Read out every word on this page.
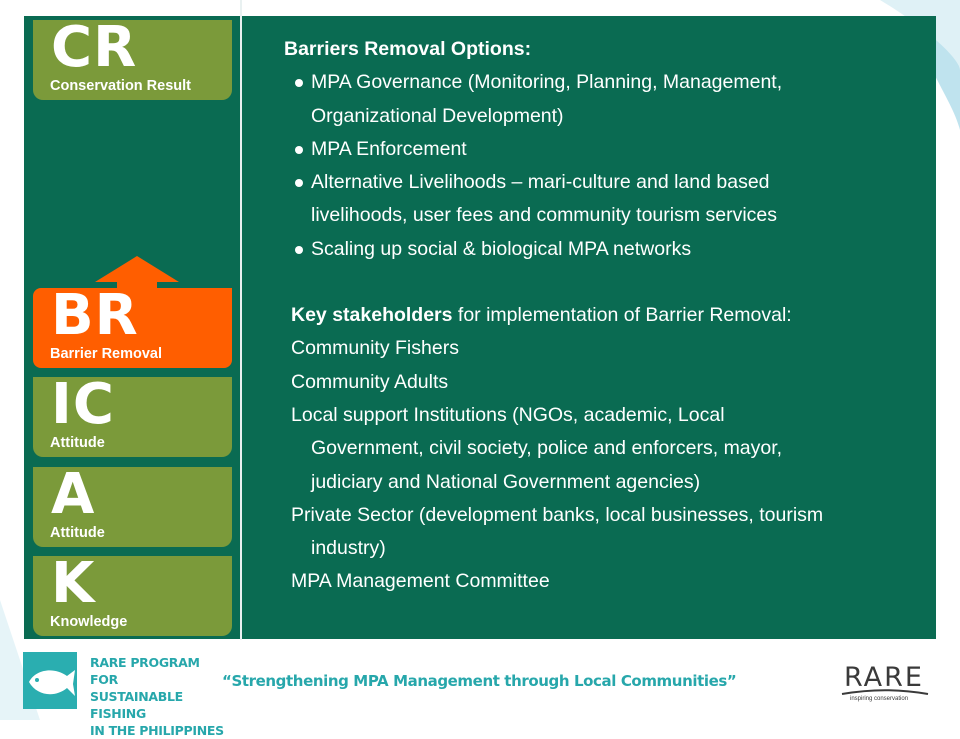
CR
Conservation Result
BR
Barrier Removal
IC
Attitude
A
Attitude
K
Knowledge
Barriers Removal Options:
MPA Governance (Monitoring, Planning, Management,
Organizational Development)
MPA Enforcement
Alternative Livelihoods – mari-culture and land based
livelihoods, user fees and community tourism services
Scaling up social & biological MPA networks
Key stakeholders for implementation of Barrier Removal:
Community Fishers
Community Adults
Local support Institutions (NGOs, academic, Local
Government, civil society, police and enforcers, mayor,
judiciary and National Government agencies)
Private Sector (development banks, local businesses, tourism
industry)
MPA Management Committee
RARE PROGRAM FOR
SUSTAINABLE FISHING
IN THE PHILIPPINES
“Strengthening MPA Management through Local Communities”	RARE
inspiring conservation
